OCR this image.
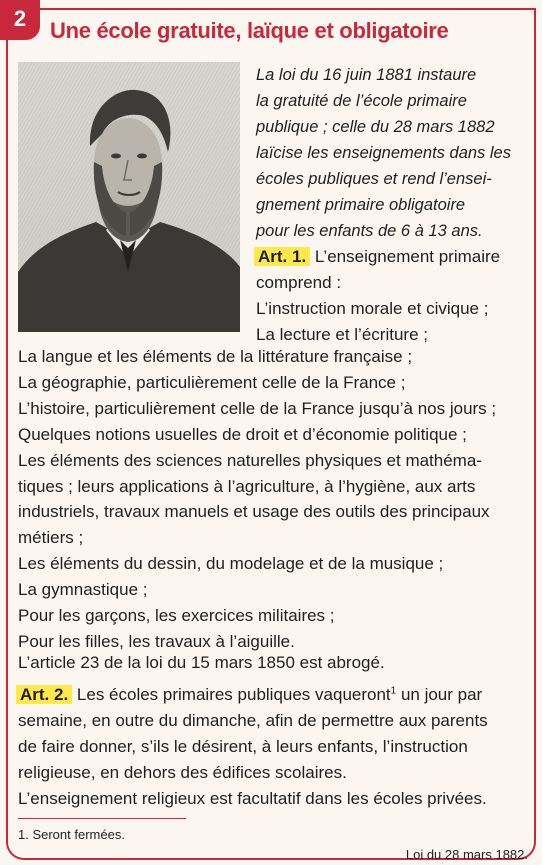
2	Une école gratuite, laïque et obligatoire
La loi du 16 juin 1881 instaure
la gratuité de l’école primaire
publique ; celle du 28 mars 1882
laïcise les enseignements dans les
écoles publiques et rend l’ensei-
gnement primaire obligatoire
pour les enfants de 6 à 13 ans.
Art. 1. L’enseignement primaire
comprend :
L’instruction morale et civique ;
La lecture et l’écriture ;
La langue et les éléments de la littérature française ;
La géographie, particulièrement celle de la France ;
L’histoire, particulièrement celle de la France jusqu’à nos jours ;
Quelques notions usuelles de droit et d’économie politique ;
Les éléments des sciences naturelles physiques et mathéma-
tiques ; leurs applications à l’agriculture, à l’hygiène, aux arts
industriels, travaux manuels et usage des outils des principaux
métiers ;
Les éléments du dessin, du modelage et de la musique ;
La gymnastique ;
Pour les garçons, les exercices militaires ;
Pour les filles, les travaux à l’aiguille.
L’article 23 de la loi du 15 mars 1850 est abrogé.
Art. 2. Les écoles primaires publiques vaqueront$^1$ un jour par
semaine, en outre du dimanche, afin de permettre aux parents
de faire donner, s’ils le désirent, à leurs enfants, l’instruction
religieuse, en dehors des édifices scolaires.
L’enseignement religieux est facultatif dans les écoles privées.
1. Seront fermées.
Loi du 28 mars 1882.
